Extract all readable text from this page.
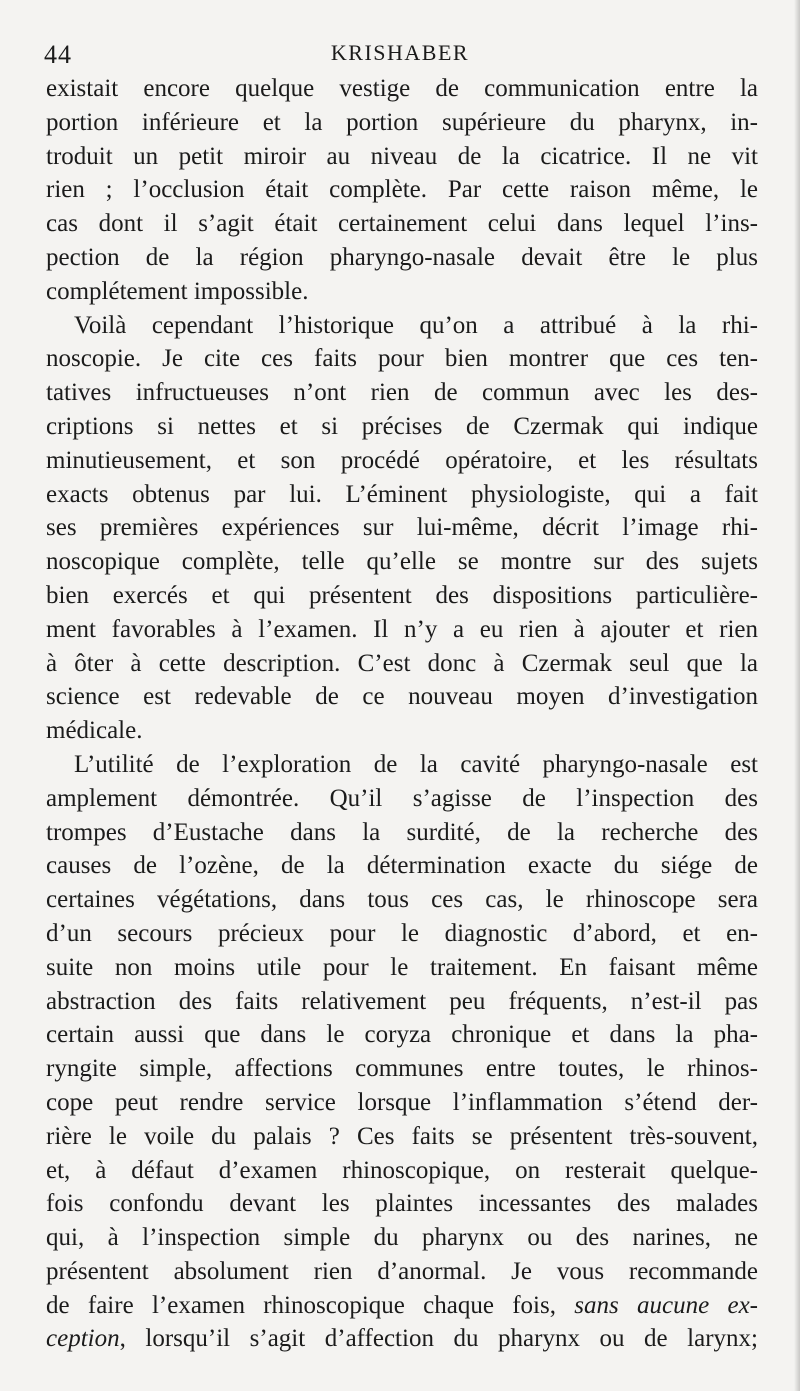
44	KRISHABER
existait encore quelque vestige de communication entre la
portion inférieure et la portion supérieure du pharynx, in-
troduit un petit miroir au niveau de la cicatrice. Il ne vit
rien ; l’occlusion était complète. Par cette raison même, le
cas dont il s’agit était certainement celui dans lequel l’ins-
pection de la région pharyngo-nasale devait être le plus
complétement impossible.
Voilà cependant l’historique qu’on a attribué à la rhi-
noscopie. Je cite ces faits pour bien montrer que ces ten-
tatives infructueuses n’ont rien de commun avec les des-
criptions si nettes et si précises de Czermak qui indique
minutieusement, et son procédé opératoire, et les résultats
exacts obtenus par lui. L’éminent physiologiste, qui a fait
ses premières expériences sur lui-même, décrit l’image rhi-
noscopique complète, telle qu’elle se montre sur des sujets
bien exercés et qui présentent des dispositions particulière-
ment favorables à l’examen. Il n’y a eu rien à ajouter et rien
à ôter à cette description. C’est donc à Czermak seul que la
science est redevable de ce nouveau moyen d’investigation
médicale.
L’utilité de l’exploration de la cavité pharyngo-nasale est
amplement démontrée. Qu’il s’agisse de l’inspection des
trompes d’Eustache dans la surdité, de la recherche des
causes de l’ozène, de la détermination exacte du siége de
certaines végétations, dans tous ces cas, le rhinoscope sera
d’un secours précieux pour le diagnostic d’abord, et en-
suite non moins utile pour le traitement. En faisant même
abstraction des faits relativement peu fréquents, n’est-il pas
certain aussi que dans le coryza chronique et dans la pha-
ryngite simple, affections communes entre toutes, le rhinos-
cope peut rendre service lorsque l’inflammation s’étend der-
rière le voile du palais ? Ces faits se présentent très-souvent,
et, à défaut d’examen rhinoscopique, on resterait quelque-
fois confondu devant les plaintes incessantes des malades
qui, à l’inspection simple du pharynx ou des narines, ne
présentent absolument rien d’anormal. Je vous recommande
de faire l’examen rhinoscopique chaque fois, sans aucune ex-
ception, lorsqu’il s’agit d’affection du pharynx ou de larynx;
